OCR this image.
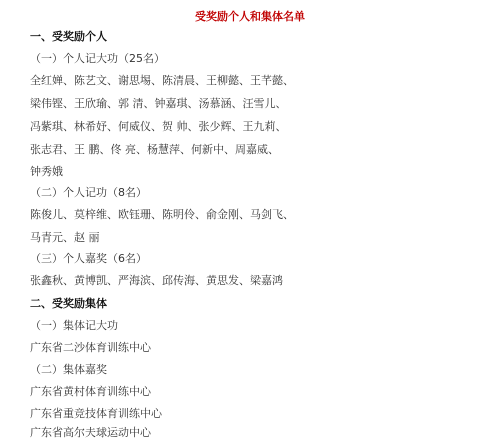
受奖励个人和集体名单
一、受奖励个人
（一）个人记大功（25名）
全红婵、陈艺文、谢思埸、陈清晨、王柳懿、王芊懿、
梁伟铿、王欣瑜、郭 清、钟嘉琪、汤慕涵、汪雪儿、
冯紫琪、林希妤、何威仪、贺 帅、张少辉、王九莉、
张志君、王 鹏、佟 亮、杨慧萍、何新中、周嘉威、
钟秀娥
（二）个人记功（8名）
陈俊儿、莫梓维、欧钰珊、陈明伶、俞金刚、马剑飞、
马青元、赵 丽
（三）个人嘉奖（6名）
张鑫秋、黄博凯、严海滨、邱传海、黄思发、梁嘉鸿
二、受奖励集体
（一）集体记大功
广东省二沙体育训练中心
（二）集体嘉奖
广东省黄村体育训练中心
广东省重竞技体育训练中心
广东省高尔夫球运动中心
